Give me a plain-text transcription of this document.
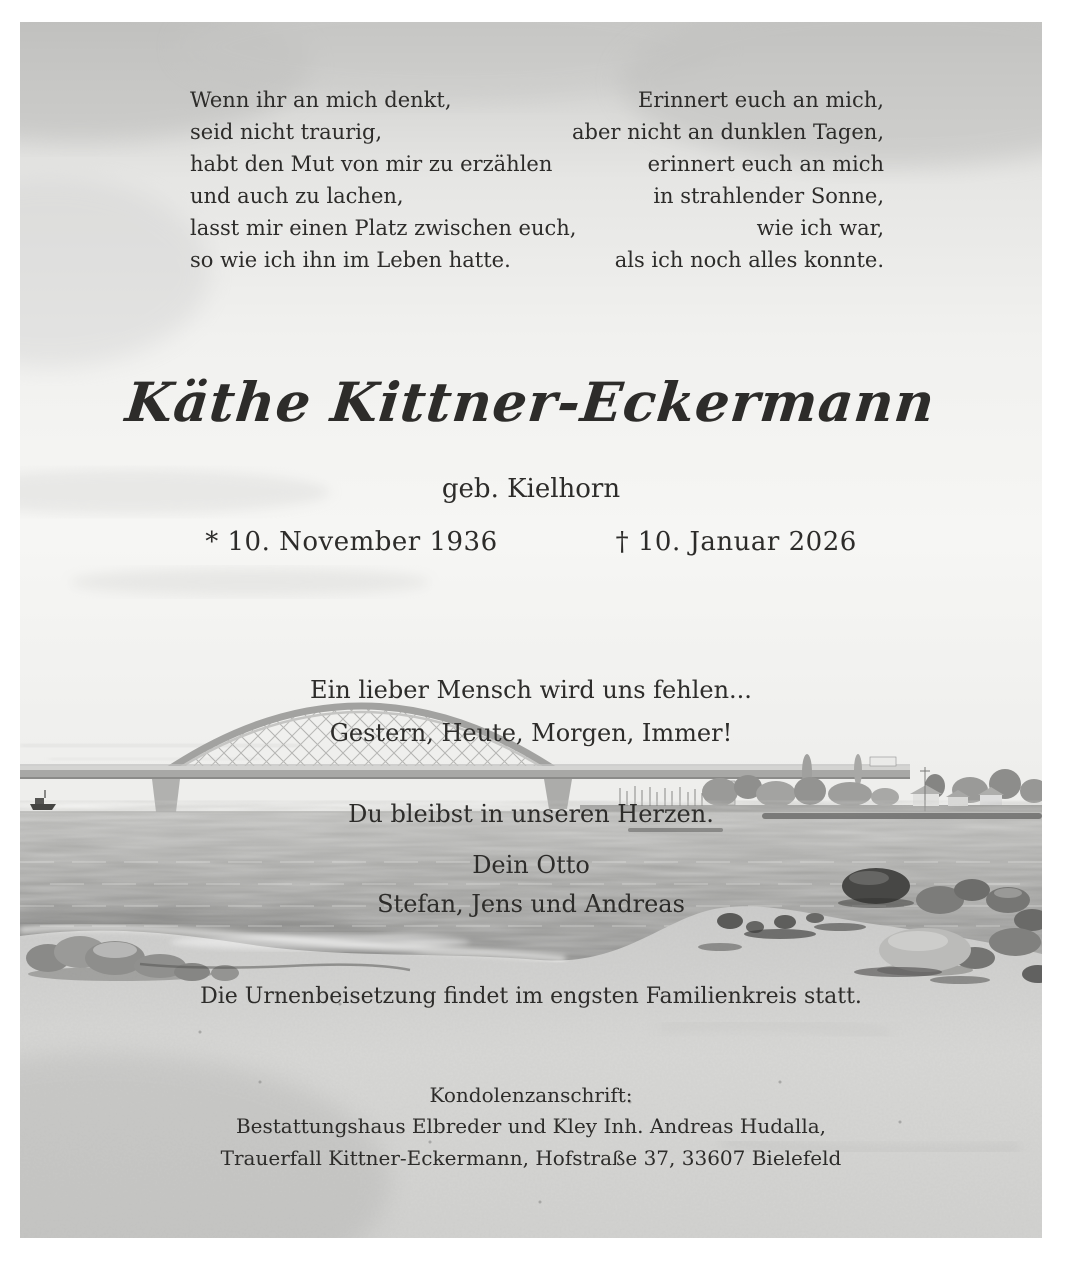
Wenn ihr an mich denkt,
seid nicht traurig,
habt den Mut von mir zu erzählen
und auch zu lachen,
lasst mir einen Platz zwischen euch,
so wie ich ihn im Leben hatte.
Erinnert euch an mich,
aber nicht an dunklen Tagen,
erinnert euch an mich
in strahlender Sonne,
wie ich war,
als ich noch alles konnte.
Käthe Kittner-Eckermann
geb. Kielhorn
* 10. November 1936	† 10. Januar 2026
Ein lieber Mensch wird uns fehlen...
Gestern, Heute, Morgen, Immer!
Du bleibst in unseren Herzen.
Dein Otto
Stefan, Jens und Andreas
Die Urnenbeisetzung findet im engsten Familienkreis statt.
Kondolenzanschrift:
Bestattungshaus Elbreder und Kley Inh. Andreas Hudalla,
Trauerfall Kittner-Eckermann, Hofstraße 37, 33607 Bielefeld
